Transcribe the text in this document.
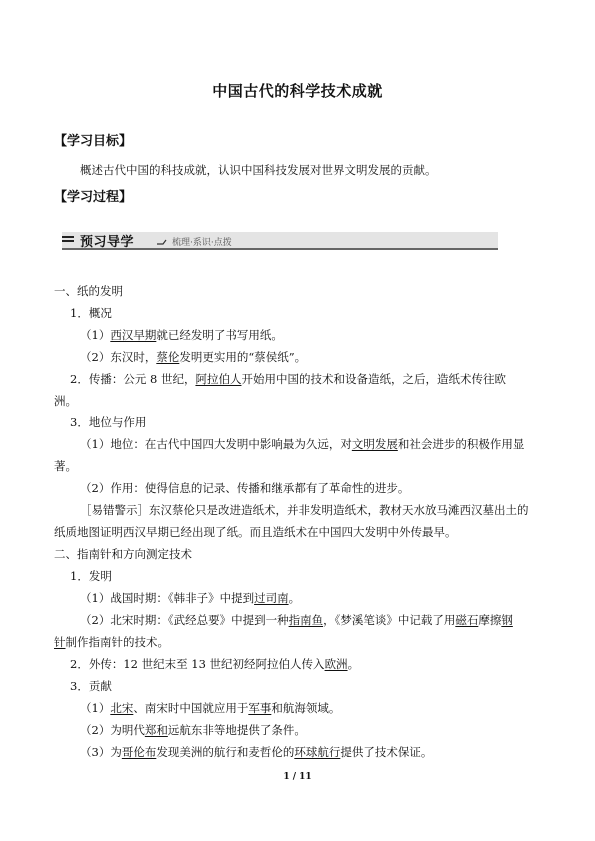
中国古代的科学技术成就
【学习目标】
概述古代中国的科技成就，认识中国科技发展对世界文明发展的贡献。
【学习过程】
预习导学	梳理·系识·点拨
一、纸的发明
1．概况
（1）西汉早期就已经发明了书写用纸。
（2）东汉时，蔡伦发明更实用的“蔡侯纸”。
2．传播：公元 8 世纪，阿拉伯人开始用中国的技术和设备造纸，之后，造纸术传往欧
洲。
3．地位与作用
（1）地位：在古代中国四大发明中影响最为久远，对文明发展和社会进步的积极作用显
著。
（2）作用：使得信息的记录、传播和继承都有了革命性的进步。
［易错警示］东汉蔡伦只是改进造纸术，并非发明造纸术，教材天水放马滩西汉墓出土的
纸质地图证明西汉早期已经出现了纸。而且造纸术在中国四大发明中外传最早。
二、指南针和方向测定技术
1．发明
（1）战国时期：《韩非子》中提到过司南。
（2）北宋时期：《武经总要》中提到一种指南鱼，《梦溪笔谈》中记载了用磁石摩擦钢
针制作指南针的技术。
2．外传：12 世纪末至 13 世纪初经阿拉伯人传入欧洲。
3．贡献
（1）北宋、南宋时中国就应用于军事和航海领域。
（2）为明代郑和远航东非等地提供了条件。
（3）为哥伦布发现美洲的航行和麦哲伦的环球航行提供了技术保证。
1 / 11
